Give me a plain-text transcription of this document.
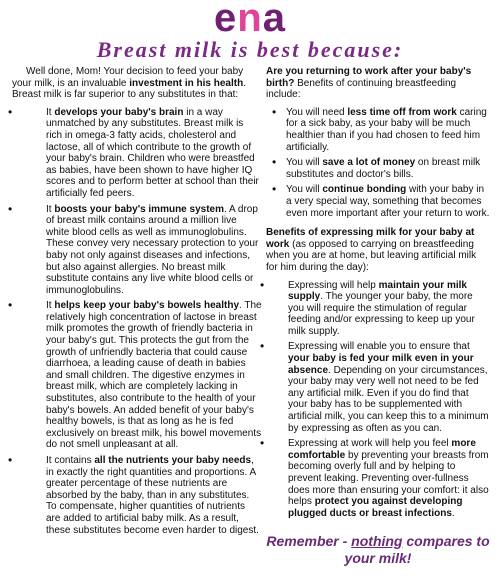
ena
Breast milk is best because:

Well done, Mom! Your decision to feed your baby your milk, is an invaluable investment in his health. Breast milk is far superior to any substitutes in that:

• It develops your baby's brain in a way unmatched by any substitutes. Breast milk is rich in omega-3 fatty acids, cholesterol and lactose, all of which contribute to the growth of your baby's brain. Children who were breastfed as babies, have been shown to have higher IQ scores and to perform better at school than their artificially fed peers.
• It boosts your baby's immune system. A drop of breast milk contains around a million live white blood cells as well as immunoglobulins. These convey very necessary protection to your baby not only against diseases and infections, but also against allergies. No breast milk substitute contains any live white blood cells or immunoglobulins.
• It helps keep your baby's bowels healthy. The relatively high concentration of lactose in breast milk promotes the growth of friendly bacteria in your baby's gut. This protects the gut from the growth of unfriendly bacteria that could cause diarrhoea, a leading cause of death in babies and small children. The digestive enzymes in breast milk, which are completely lacking in substitutes, also contribute to the health of your baby's bowels. An added benefit of your baby's healthy bowels, is that as long as he is fed exclusively on breast milk, his bowel movements do not smell unpleasant at all.
• It contains all the nutrients your baby needs, in exactly the right quantities and proportions. A greater percentage of these nutrients are absorbed by the baby, than in any substitutes. To compensate, higher quantities of nutrients are added to artificial baby milk. As a result, these substitutes become even harder to digest.

Are you returning to work after your baby's birth? Benefits of continuing breastfeeding include:

• You will need less time off from work caring for a sick baby, as your baby will be much healthier than if you had chosen to feed him artificially.
• You will save a lot of money on breast milk substitutes and doctor's bills.
• You will continue bonding with your baby in a very special way, something that becomes even more important after your return to work.

Benefits of expressing milk for your baby at work (as opposed to carrying on breastfeeding when you are at home, but leaving artificial milk for him during the day):

• Expressing will help maintain your milk supply. The younger your baby, the more you will require the stimulation of regular feeding and/or expressing to keep up your milk supply.
• Expressing will enable you to ensure that your baby is fed your milk even in your absence. Depending on your circumstances, your baby may very well not need to be fed any artificial milk. Even if you do find that your baby has to be supplemented with artificial milk, you can keep this to a minimum by expressing as often as you can.
• Expressing at work will help you feel more comfortable by preventing your breasts from becoming overly full and by helping to prevent leaking. Preventing over-fullness does more than ensuring your comfort: it also helps protect you against developing plugged ducts or breast infections.
Remember - nothing compares to your milk!
